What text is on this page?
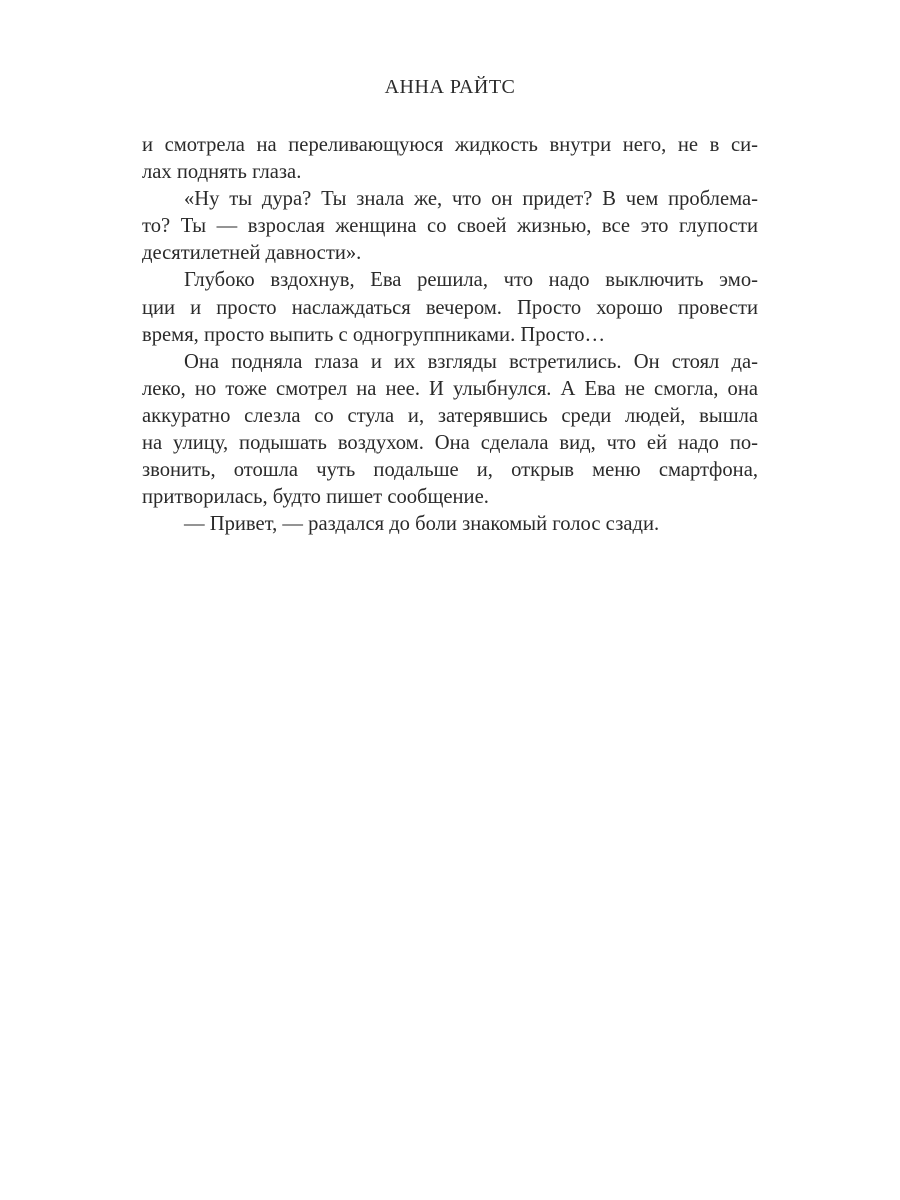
АННА РАЙТС
и смотрела на переливающуюся жидкость внутри него, не в си-
лах поднять глаза.
«Ну ты дура? Ты знала же, что он придет? В чем проблема-
то? Ты — взрослая женщина со своей жизнью, все это глупости
десятилетней давности».
Глубоко вздохнув, Ева решила, что надо выключить эмо-
ции и просто наслаждаться вечером. Просто хорошо провести
время, просто выпить с одногруппниками. Просто…
Она подняла глаза и их взгляды встретились. Он стоял да-
леко, но тоже смотрел на нее. И улыбнулся. А Ева не смогла, она
аккуратно слезла со стула и, затерявшись среди людей, вышла
на улицу, подышать воздухом. Она сделала вид, что ей надо по-
звонить, отошла чуть подальше и, открыв меню смартфона,
притворилась, будто пишет сообщение.
— Привет, — раздался до боли знакомый голос сзади.
